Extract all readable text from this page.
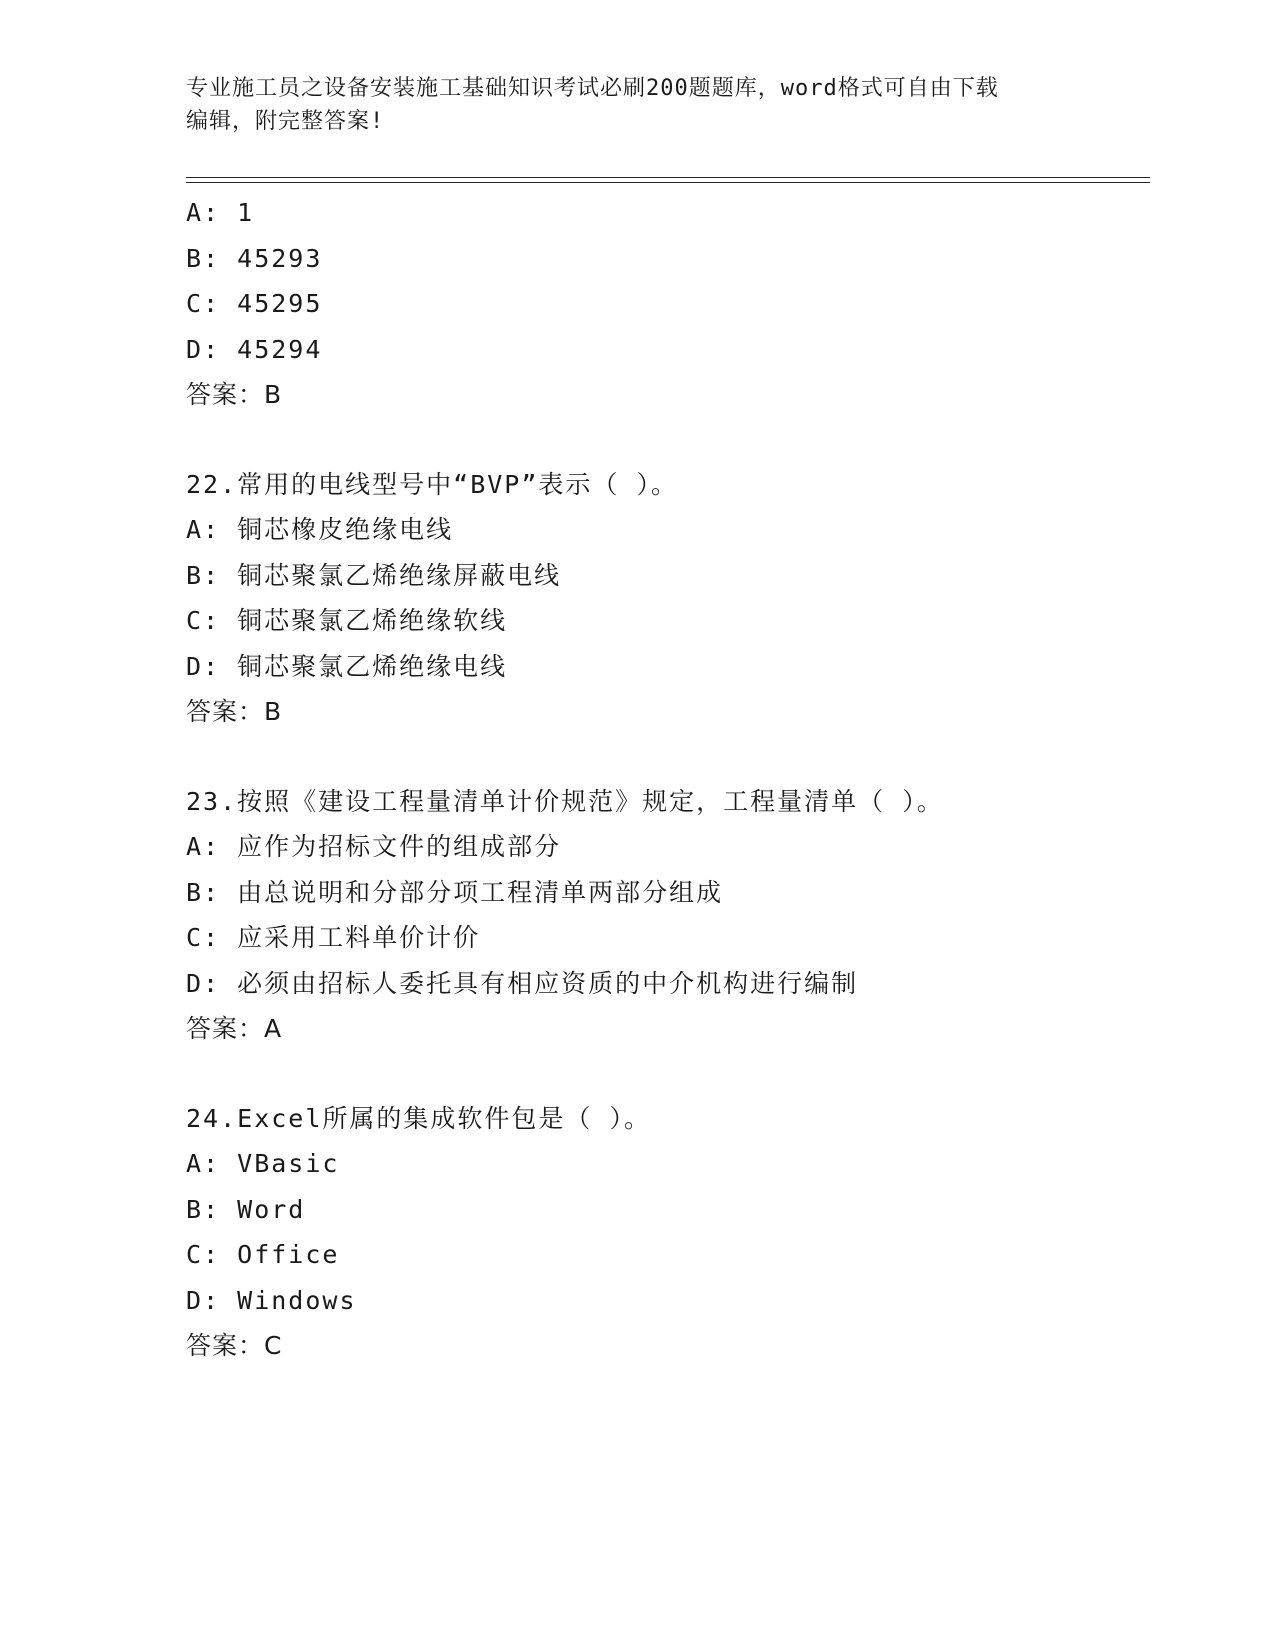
专业施工员之设备安装施工基础知识考试必刷200题题库，word格式可自由下载
编辑，附完整答案!
A: 1
B: 45293
C: 45295
D: 45294
答案：B
22.常用的电线型号中“BVP”表示（ ）。
A: 铜芯橡皮绝缘电线
B: 铜芯聚氯乙烯绝缘屏蔽电线
C: 铜芯聚氯乙烯绝缘软线
D: 铜芯聚氯乙烯绝缘电线
答案：B
23.按照《建设工程量清单计价规范》规定，工程量清单（ ）。
A: 应作为招标文件的组成部分
B: 由总说明和分部分项工程清单两部分组成
C: 应采用工料单价计价
D: 必须由招标人委托具有相应资质的中介机构进行编制
答案：A
24.Excel所属的集成软件包是（ ）。
A: VBasic
B: Word
C: Office
D: Windows
答案：C
